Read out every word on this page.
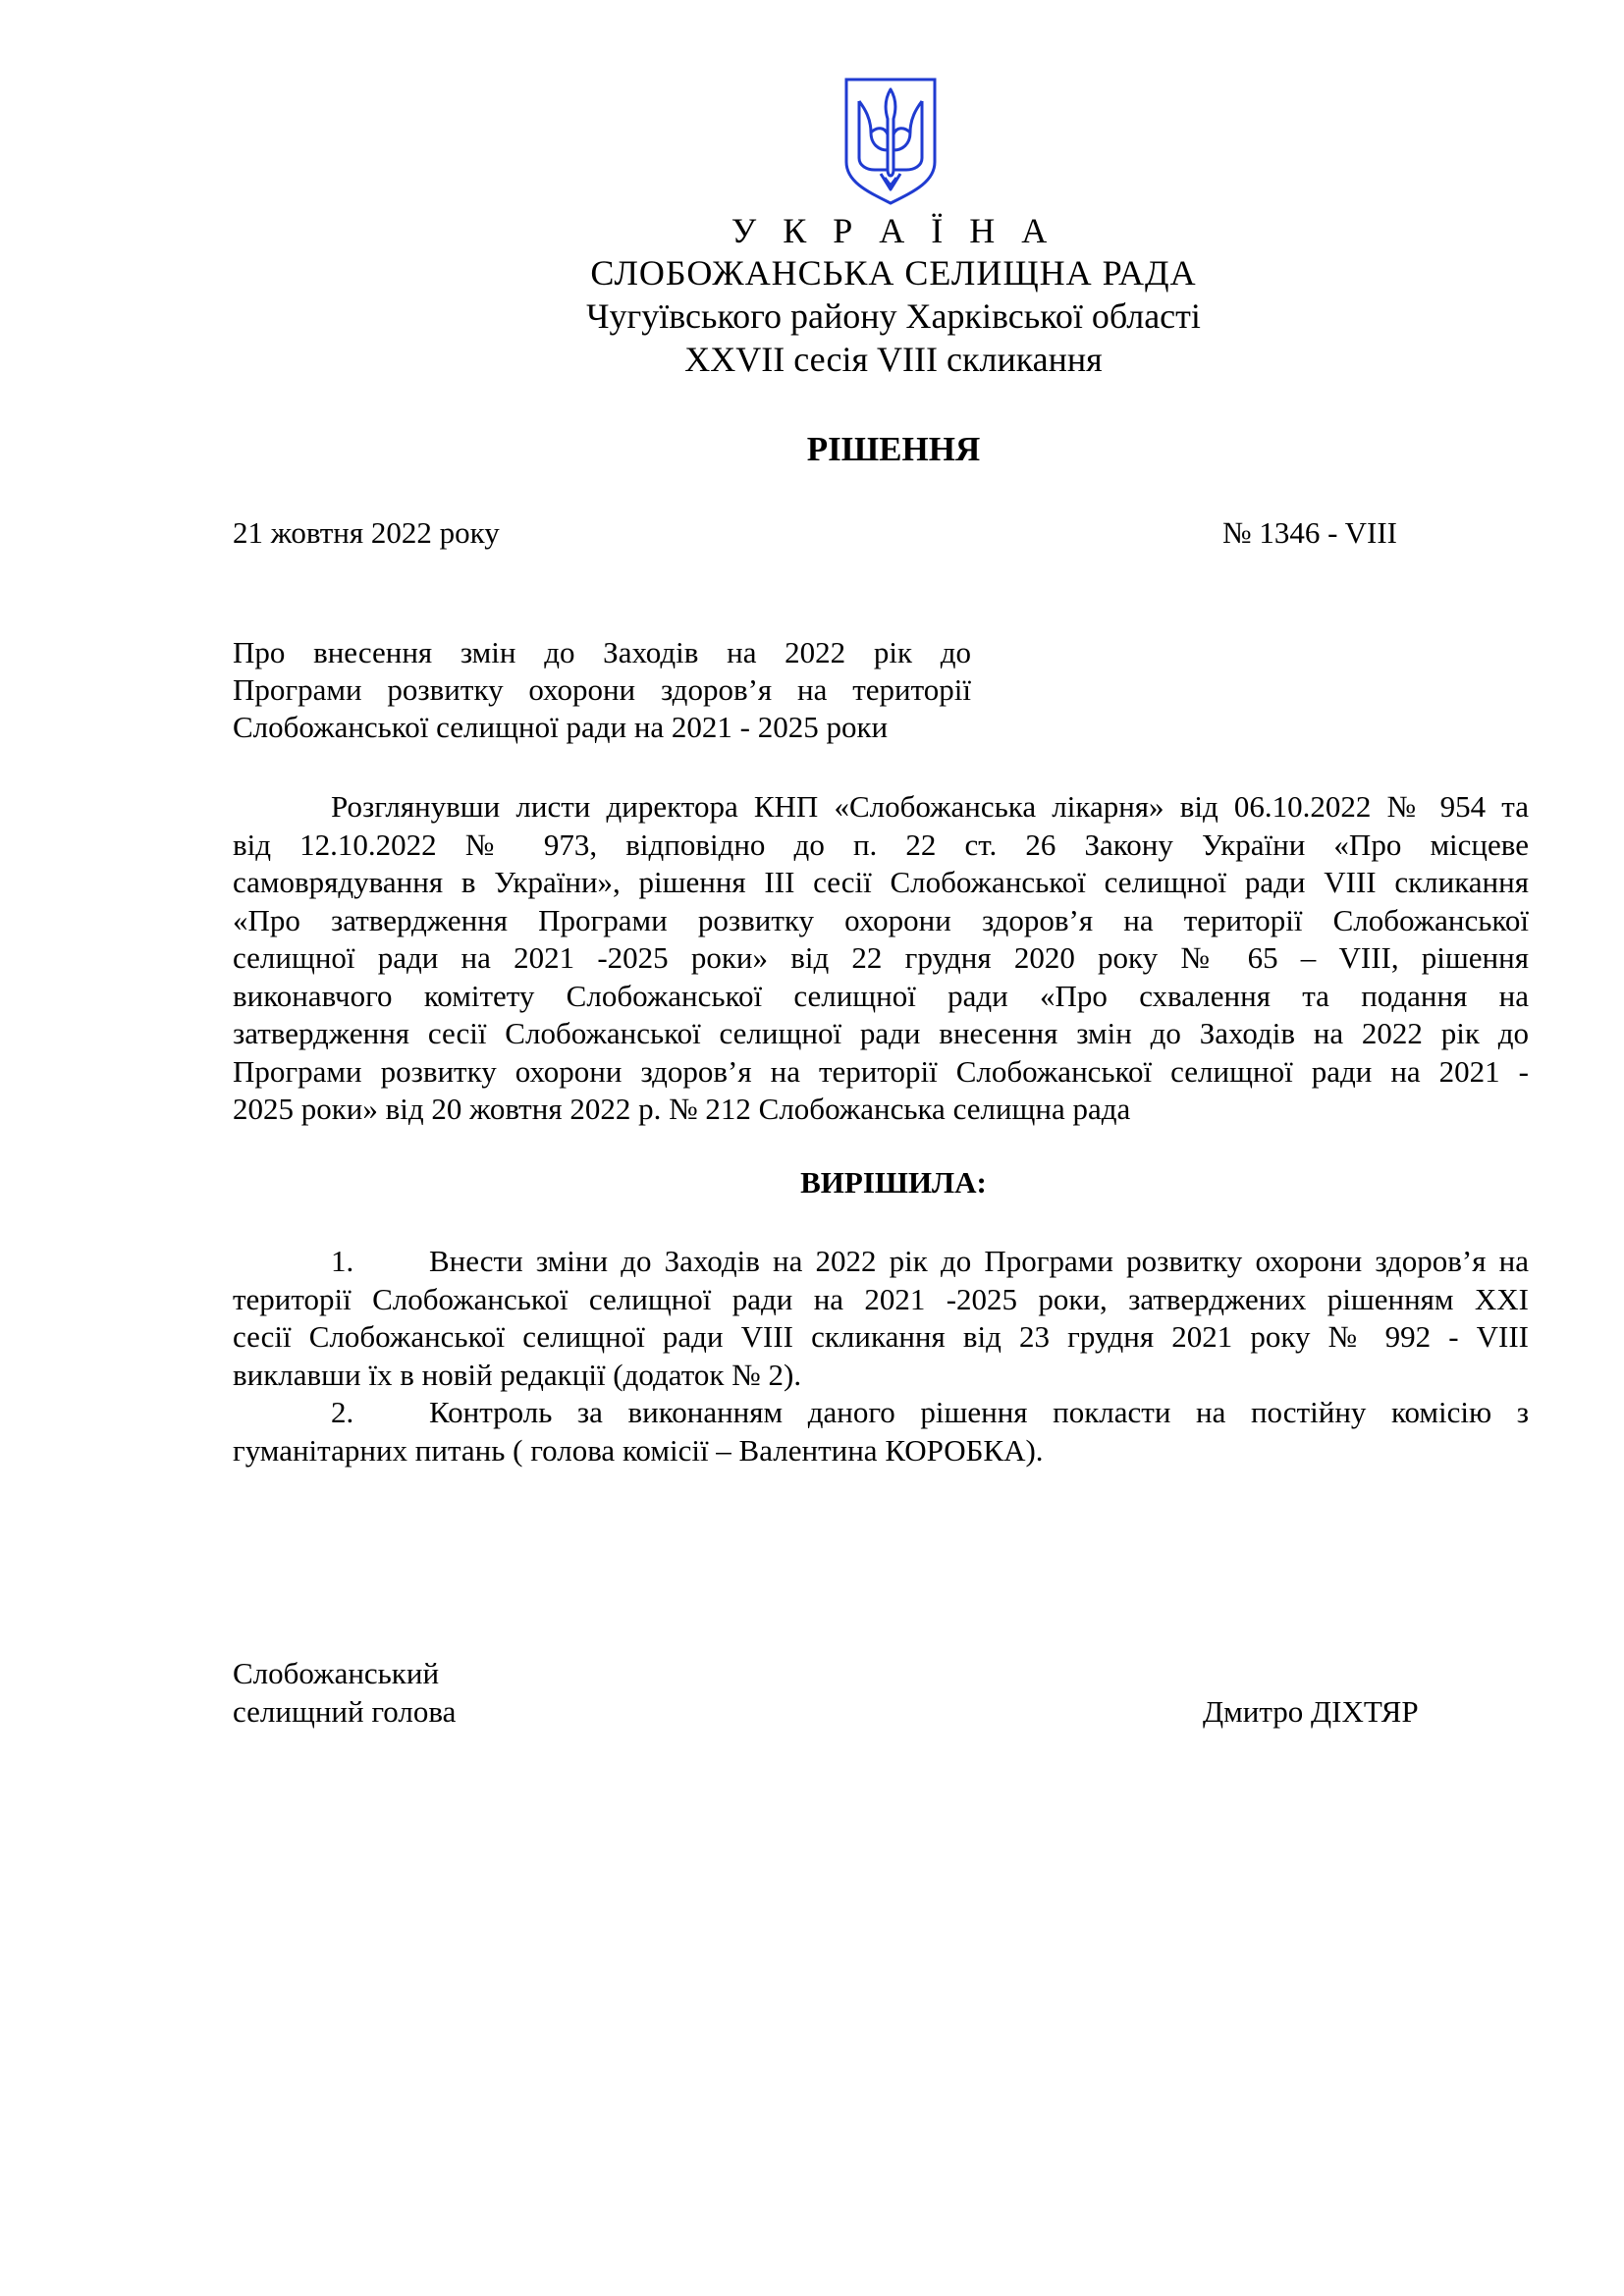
У К Р А Ї Н А
СЛОБОЖАНСЬКА СЕЛИЩНА РАДА
Чугуївського району Харківської області
XXVII сесія VIII скликання
РІШЕННЯ
21 жовтня 2022 року	№ 1346 - VIII
Про внесення змін до Заходів на 2022 рік до
Програми розвитку охорони здоров’я на території
Слобожанської селищної ради на 2021 - 2025 роки
Розглянувши листи директора КНП «Слобожанська лікарня» від 06.10.2022 № 954 та
від 12.10.2022 № 973, відповідно до п. 22 ст. 26 Закону України «Про місцеве
самоврядування в України», рішення ІІІ сесії Слобожанської селищної ради VIII скликання
«Про затвердження Програми розвитку охорони здоров’я на території Слобожанської
селищної ради на 2021 -2025 роки» від 22 грудня 2020 року № 65 – VIII, рішення
виконавчого комітету Слобожанської селищної ради «Про схвалення та подання на
затвердження сесії Слобожанської селищної ради внесення змін до Заходів на 2022 рік до
Програми розвитку охорони здоров’я на території Слобожанської селищної ради на 2021 -
2025 роки» від 20 жовтня 2022 р. № 212 Слобожанська селищна рада
ВИРІШИЛА:
1. Внести зміни до Заходів на 2022 рік до Програми розвитку охорони здоров’я на
території Слобожанської селищної ради на 2021 -2025 роки, затверджених рішенням XXI
сесії Слобожанської селищної ради VIII скликання від 23 грудня 2021 року № 992 - VIII
виклавши їх в новій редакції (додаток № 2).
2. Контроль за виконанням даного рішення покласти на постійну комісію з
гуманітарних питань ( голова комісії – Валентина КОРОБКА).
Слобожанський
селищний голова	Дмитро ДІХТЯР
